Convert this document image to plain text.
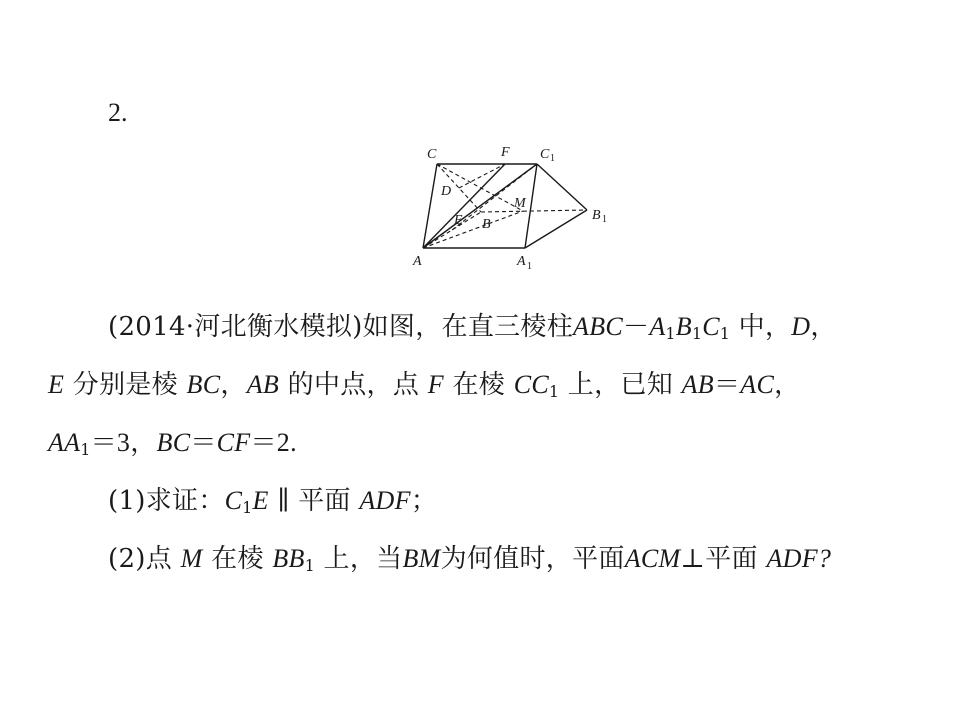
2.
C	F C 1
D
M
E B
B 1
A	A 1
(2014·河北衡水模拟)如图，在直三棱柱$ABC-A_1B_1C_1$ 中，D，
E 分别是棱 BC，AB 的中点，点 F 在棱 $CC_1$ 上，已知 AB＝AC，
$AA_1=3$，BC＝CF＝2.
(1)求证：$C_1E$ ∥ 平面 ADF；
(2)点 M 在棱 $BB_1$ 上，当BM为何值时，平面ACM⊥平面 ADF?
